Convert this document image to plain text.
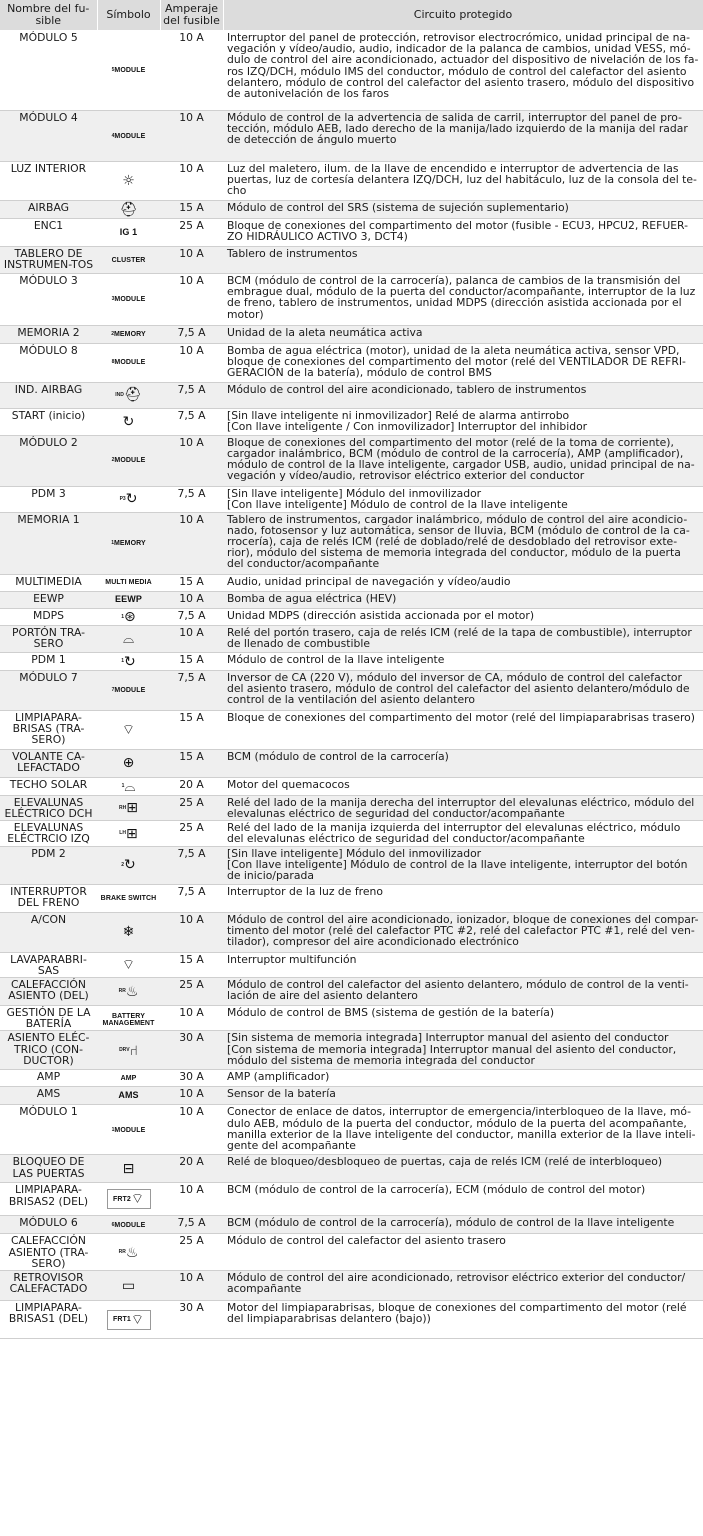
Nombre del fu-sible	Símbolo	Amperaje del fusible	Circuito protegido
MÓDULO 5	5 MODULE	10 A	Interruptor del panel de protección, retrovisor electrocrómico, unidad principal de na-vegación y vídeo/audio, audio, indicador de la palanca de cambios, unidad VESS, mó-dulo de control del aire acondicionado, actuador del dispositivo de nivelación de los fa-ros IZQ/DCH, módulo IMS del conductor, módulo de control del calefactor del asiento delantero, módulo de control del calefactor del asiento trasero, módulo del dispositivo de autonivelación de los faros
MÓDULO 4	4 MODULE	10 A	Módulo de control de la advertencia de salida de carril, interruptor del panel de pro-tección, módulo AEB, lado derecho de la manija/lado izquierdo de la manija del radar de detección de ángulo muerto
LUZ INTERIOR	☼	10 A	Luz del maletero, ilum. de la llave de encendido e interruptor de advertencia de las puertas, luz de cortesía delantera IZQ/DCH, luz del habitáculo, luz de la consola del te-cho
AIRBAG	⛑	15 A	Módulo de control del SRS (sistema de sujeción suplementario)
ENC1	IG 1	25 A	Bloque de conexiones del compartimento del motor (fusible - ECU3, HPCU2, REFUER-ZO HIDRÁULICO ACTIVO 3, DCT4)
TABLERO DE INSTRUMEN-TOS	CLUSTER	10 A	Tablero de instrumentos
MÓDULO 3	3 MODULE	10 A	BCM (módulo de control de la carrocería), palanca de cambios de la transmisión del embrague dual, módulo de la puerta del conductor/acompañante, interruptor de la luz de freno, tablero de instrumentos, unidad MDPS (dirección asistida accionada por el motor)
MEMORIA 2	2 MEMORY	7,5 A	Unidad de la aleta neumática activa
MÓDULO 8	8 MODULE	10 A	Bomba de agua eléctrica (motor), unidad de la aleta neumática activa, sensor VPD, bloque de conexiones del compartimento del motor (relé del VENTILADOR DE REFRI-GERACIÓN de la batería), módulo de control BMS
IND. AIRBAG	IND ⛑	7,5 A	Módulo de control del aire acondicionado, tablero de instrumentos
START (inicio)	↻	7,5 A	[Sin llave inteligente ni inmovilizador] Relé de alarma antirrobo
[Con llave inteligente / Con inmovilizador] Interruptor del inhibidor
MÓDULO 2	2 MODULE	10 A	Bloque de conexiones del compartimento del motor (relé de la toma de corriente), cargador inalámbrico, BCM (módulo de control de la carrocería), AMP (amplificador), módulo de control de la llave inteligente, cargador USB, audio, unidad principal de na-vegación y vídeo/audio, retrovisor eléctrico exterior del conductor
PDM 3	P3 ↻	7,5 A	[Sin llave inteligente] Módulo del inmovilizador
[Con llave inteligente] Módulo de control de la llave inteligente
MEMORIA 1	1 MEMORY	10 A	Tablero de instrumentos, cargador inalámbrico, módulo de control del aire acondicio-nado, fotosensor y luz automática, sensor de lluvia, BCM (módulo de control de la ca-rrocería), caja de relés ICM (relé de doblado/relé de desdoblado del retrovisor exte-rior), módulo del sistema de memoria integrada del conductor, módulo de la puerta del conductor/acompañante
MULTIMEDIA	MULTI MEDIA	15 A	Audio, unidad principal de navegación y vídeo/audio
EEWP	EEWP	10 A	Bomba de agua eléctrica (HEV)
MDPS	1 ⊛	7,5 A	Unidad MDPS (dirección asistida accionada por el motor)
PORTÓN TRA-SERO	⌓	10 A	Relé del portón trasero, caja de relés ICM (relé de la tapa de combustible), interruptor de llenado de combustible
PDM 1	1 ↻	15 A	Módulo de control de la llave inteligente
MÓDULO 7	7 MODULE	7,5 A	Inversor de CA (220 V), módulo del inversor de CA, módulo de control del calefactor del asiento trasero, módulo de control del calefactor del asiento delantero/módulo de control de la ventilación del asiento delantero
LIMPIAPARA-BRISAS (TRA-SERO)	⌔	15 A	Bloque de conexiones del compartimento del motor (relé del limpiaparabrisas trasero)
VOLANTE CA-LEFACTADO	⊕	15 A	BCM (módulo de control de la carrocería)
TECHO SOLAR	1 ⌓	20 A	Motor del quemacocos
ELEVALUNAS ELÉCTRICO DCH	RH ⊞	25 A	Relé del lado de la manija derecha del interruptor del elevalunas eléctrico, módulo del elevalunas eléctrico de seguridad del conductor/acompañante
ELEVALUNAS ELÉCTRCIO IZQ	LH ⊞	25 A	Relé del lado de la manija izquierda del interruptor del elevalunas eléctrico, módulo del elevalunas eléctrico de seguridad del conductor/acompañante
PDM 2	2 ↻	7,5 A	[Sin llave inteligente] Módulo del inmovilizador
[Con llave inteligente] Módulo de control de la llave inteligente, interruptor del botón de inicio/parada
INTERRUPTOR DEL FRENO	BRAKE SWITCH	7,5 A	Interruptor de la luz de freno
A/CON	❄	10 A	Módulo de control del aire acondicionado, ionizador, bloque de conexiones del compar-timento del motor (relé del calefactor PTC #2, relé del calefactor PTC #1, relé del ven-tilador), compresor del aire acondicionado electrónico
LAVAPARABRI-SAS	⌔	15 A	Interruptor multifunción
CALEFACCIÓN ASIENTO (DEL)	RR ♨	25 A	Módulo de control del calefactor del asiento delantero, módulo de control de la venti-lación de aire del asiento delantero
GESTIÓN DE LA BATERÍA	BATTERY MANAGEMENT	10 A	Módulo de control de BMS (sistema de gestión de la batería)
ASIENTO ELÉC-TRICO (CON-DUCTOR)	DRV ⑁	30 A	[Sin sistema de memoria integrada] Interruptor manual del asiento del conductor
[Con sistema de memoria integrada] Interruptor manual del asiento del conductor, módulo del sistema de memoria integrada del conductor
AMP	AMP	30 A	AMP (amplificador)
AMS	AMS	10 A	Sensor de la batería
MÓDULO 1	1 MODULE	10 A	Conector de enlace de datos, interruptor de emergencia/interbloqueo de la llave, mó-dulo AEB, módulo de la puerta del conductor, módulo de la puerta del acompañante, manilla exterior de la llave inteligente del conductor, manilla exterior de la llave inteli-gente del acompañante
BLOQUEO DE LAS PUERTAS	⊟	20 A	Relé de bloqueo/desbloqueo de puertas, caja de relés ICM (relé de interbloqueo)
LIMPIAPARA-BRISAS2 (DEL)	FRT2 ⌔	10 A	BCM (módulo de control de la carrocería), ECM (módulo de control del motor)
MÓDULO 6	6 MODULE	7,5 A	BCM (módulo de control de la carrocería), módulo de control de la llave inteligente
CALEFACCIÓN ASIENTO (TRA-SERO)	RR ♨	25 A	Módulo de control del calefactor del asiento trasero
RETROVISOR CALEFACTADO	▭	10 A	Módulo de control del aire acondicionado, retrovisor eléctrico exterior del conductor/ acompañante
LIMPIAPARA-BRISAS1 (DEL)	FRT1 ⌔	30 A	Motor del limpiaparabrisas, bloque de conexiones del compartimento del motor (relé del limpiaparabrisas delantero (bajo))
